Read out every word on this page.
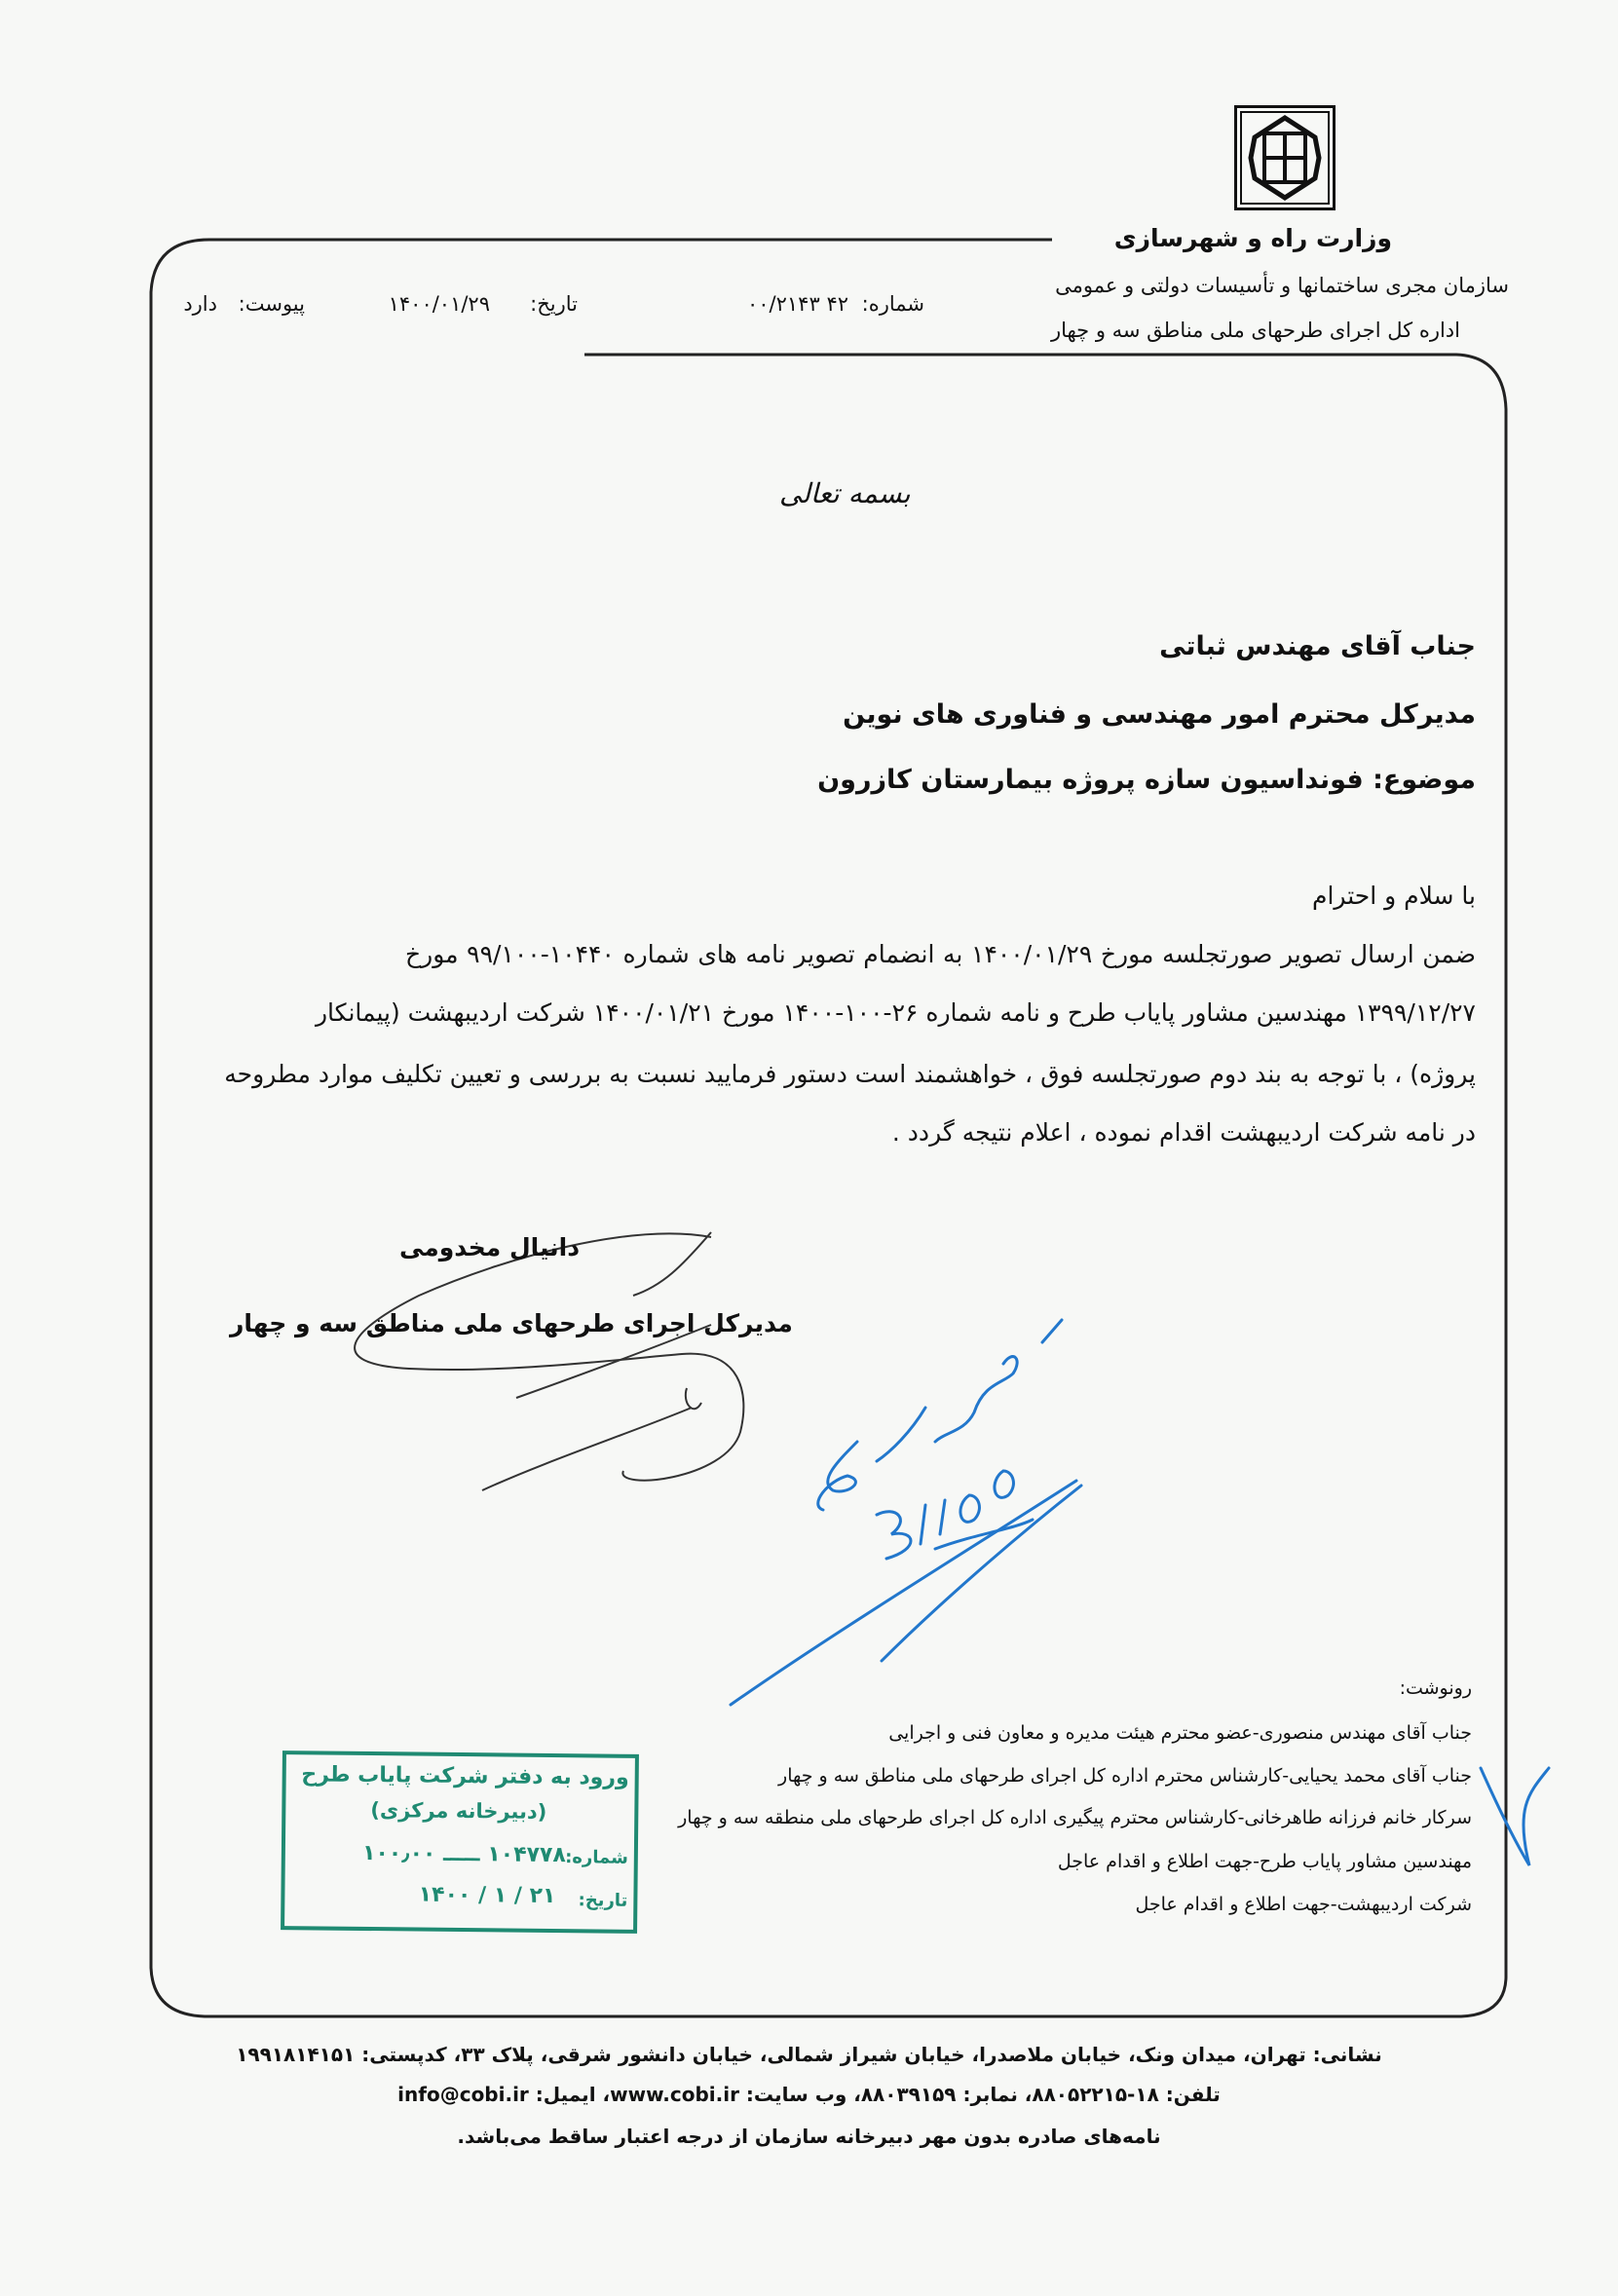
وزارت راه و شهرسازی
سازمان مجری ساختمانها و تأسیسات دولتی و عمومی
اداره کل اجرای طرحهای ملی مناطق سه و چهار
شماره:
۴۲ ۰۰/۲۱۴۳
تاریخ:
۱۴۰۰/۰۱/۲۹
پیوست:
دارد
بسمه تعالی
جناب آقای مهندس ثباتی
مدیرکل محترم امور مهندسی و فناوری های نوین
موضوع: فونداسیون سازه پروژه بیمارستان کازرون
با سلام و احترام
ضمن ارسال تصویر صورتجلسه مورخ ۱۴۰۰/۰۱/۲۹ به انضمام تصویر نامه های شماره ۱۰۴۴۰-۹۹/۱۰۰ مورخ
۱۳۹۹/۱۲/۲۷ مهندسین مشاور پایاب طرح و نامه شماره ۲۶-۱۰۰-۱۴۰۰ مورخ ۱۴۰۰/۰۱/۲۱ شرکت اردیبهشت (پیمانکار
پروژه) ، با توجه به بند دوم صورتجلسه فوق ، خواهشمند است دستور فرمایید نسبت به بررسی و تعیین تکلیف موارد مطروحه
در نامه شرکت اردیبهشت اقدام نموده ، اعلام نتیجه گردد .
دانیال مخدومی
مدیرکل اجرای طرحهای ملی مناطق سه و چهار
رونوشت:
جناب آقای مهندس منصوری-عضو محترم هیئت مدیره و معاون فنی و اجرایی
جناب آقای محمد یحیایی-کارشناس محترم اداره کل اجرای طرحهای ملی مناطق سه و چهار
سرکار خانم فرزانه طاهرخانی-کارشناس محترم پیگیری اداره کل اجرای طرحهای ملی منطقه سه و چهار
مهندسین مشاور پایاب طرح-جهت اطلاع و اقدام عاجل
شرکت اردیبهشت-جهت اطلاع و اقدام عاجل
ورود به دفتر شرکت پایاب طرح
(دبیرخانه مرکزی)
شماره:
۱۰۴۷۷۸ ـــــ ۱۰۰٫۰۰
تاریخ:
۲۱ / ۱ / ۱۴۰۰
نشانی: تهران، میدان ونک، خیابان ملاصدرا، خیابان شیراز شمالی، خیابان دانشور شرقی، پلاک ۳۳، کدپستی: ۱۹۹۱۸۱۴۱۵۱
تلفن: ۱۸-۸۸۰۵۲۲۱۵، نمابر: ۸۸۰۳۹۱۵۹، وب سایت: www.cobi.ir، ایمیل: info@cobi.ir
نامه‌های صادره بدون مهر دبیرخانه سازمان از درجه اعتبار ساقط می‌باشد.
